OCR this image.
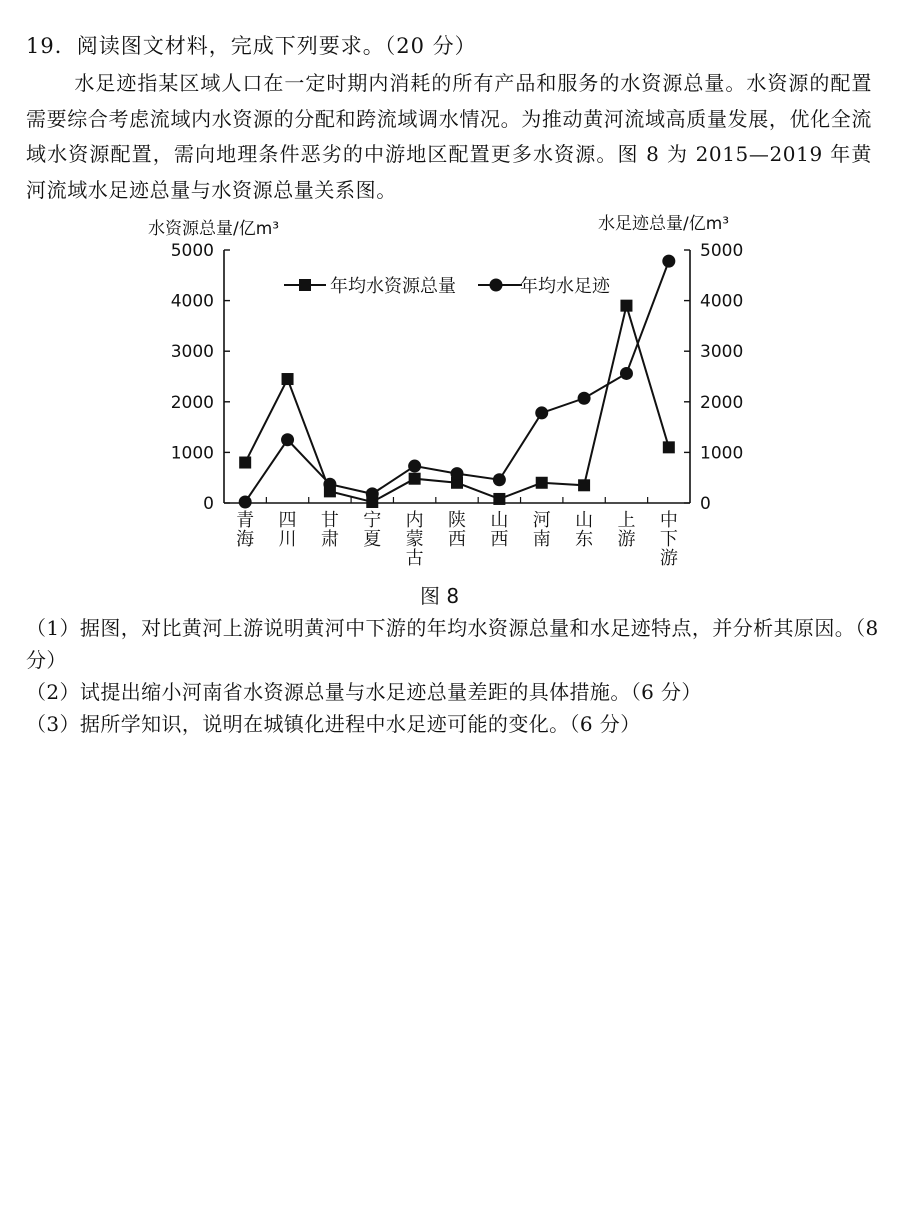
19．阅读图文材料，完成下列要求。（20 分）

水足迹指某区域人口在一定时期内消耗的所有产品和服务的水资源总量。水资源的配置需要综合考虑流域内水资源的分配和跨流域调水情况。为推动黄河流域高质量发展，优化全流域水资源配置，需向地理条件恶劣的中游地区配置更多水资源。图 8 为 2015—2019 年黄河流域水足迹总量与水资源总量关系图。

0	0
1000	1000
2000	2000
3000	3000
4000	4000
5000	5000
水资源总量/亿m³	水足迹总量/亿m³
青海
四川
甘肃
宁夏
内蒙古
陕西
山西
河南
山东
上游
中下游
年均水资源总量	年均水足迹
图 8

（1）据图，对比黄河上游说明黄河中下游的年均水资源总量和水足迹特点，并分析其原因。（8 分）

（2）试提出缩小河南省水资源总量与水足迹总量差距的具体措施。（6 分）

（3）据所学知识，说明在城镇化进程中水足迹可能的变化。（6 分）
